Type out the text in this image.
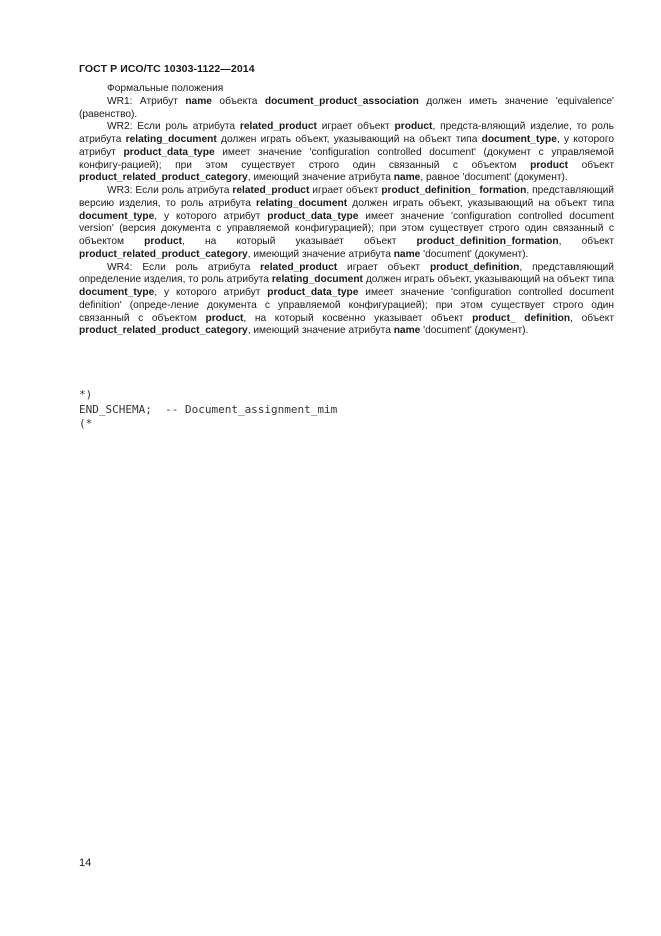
ГОСТ Р ИСО/ТС 10303-1122—2014

Формальные положения

WR1: Атрибут name объекта document_product_association должен иметь значение 'equivalence' (равенство).

WR2: Если роль атрибута related_product играет объект product, предста-вляющий изделие, то роль атрибута relating_document должен играть объект, указывающий на объект типа document_type, у которого атрибут product_data_type имеет значение 'configuration controlled document' (документ с управляемой конфигу-рацией); при этом существует строго один связанный с объектом product объект product_related_product_category, имеющий значение атрибута name, равное 'document' (документ).

WR3: Если роль атрибута related_product играет объект product_definition_ formation, представляющий версию изделия, то роль атрибута relating_document должен играть объект, указывающий на объект типа document_type, у которого атрибут product_data_type имеет значение 'configuration controlled document version' (версия документа с управляемой конфигурацией); при этом существует строго один связанный с объектом product, на который указывает объект product_definition_formation, объект product_related_product_category, имеющий значение атрибута name 'document' (документ).

WR4: Если роль атрибута related_product играет объект product_definition, представляющий определение изделия, то роль атрибута relating_document должен играть объект, указывающий на объект типа document_type, у которого атрибут product_data_type имеет значение 'configuration controlled document definition' (опреде-ление документа с управляемой конфигурацией); при этом существует строго один связанный с объектом product, на который косвенно указывает объект product_ definition, объект product_related_product_category, имеющий значение атрибута name 'document' (документ).

*)
END_SCHEMA;  -- Document_assignment_mim
(*
14
